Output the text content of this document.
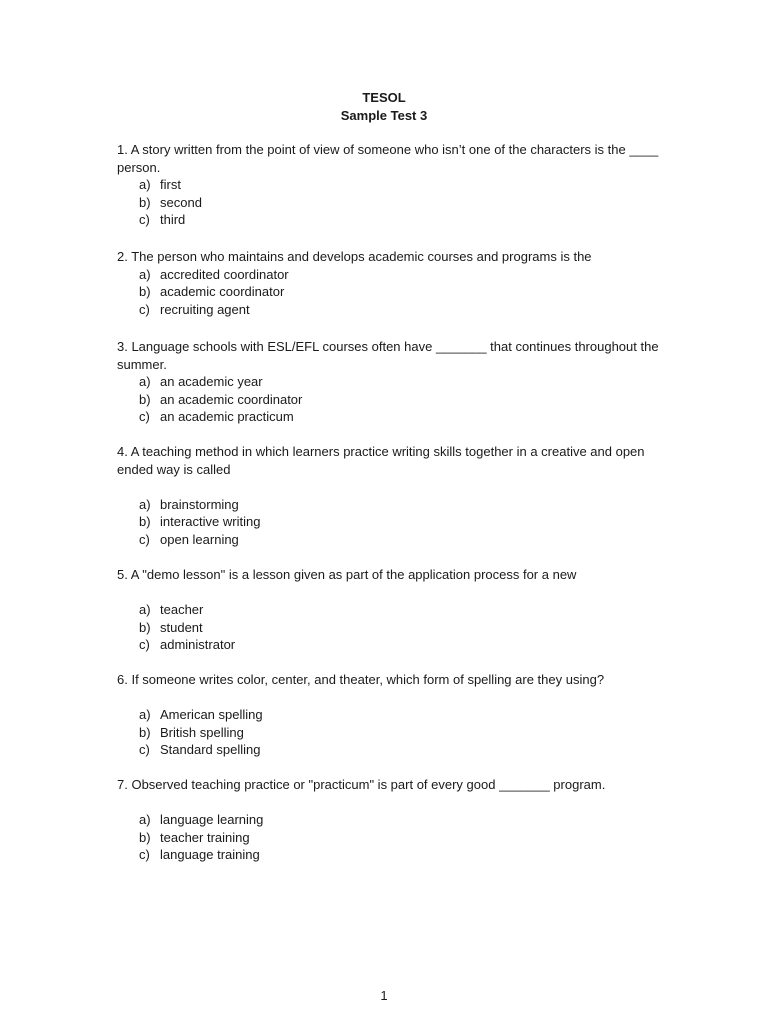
TESOL
Sample Test 3

1. A story written from the point of view of someone who isn’t one of the characters is the ____ person.

a) first
b) second
c) third

2. The person who maintains and develops academic courses and programs is the

a) accredited coordinator
b) academic coordinator
c) recruiting agent

3. Language schools with ESL/EFL courses often have _______ that continues throughout the summer.

a) an academic year
b) an academic coordinator
c) an academic practicum

4. A teaching method in which learners practice writing skills together in a creative and open ended way is called

a) brainstorming
b) interactive writing
c) open learning

5. A "demo lesson" is a lesson given as part of the application process for a new

a) teacher
b) student
c) administrator

6. If someone writes color, center, and theater, which form of spelling are they using?

a) American spelling
b) British spelling
c) Standard spelling

7. Observed teaching practice or "practicum" is part of every good _______ program.

a) language learning
b) teacher training
c) language training
1
